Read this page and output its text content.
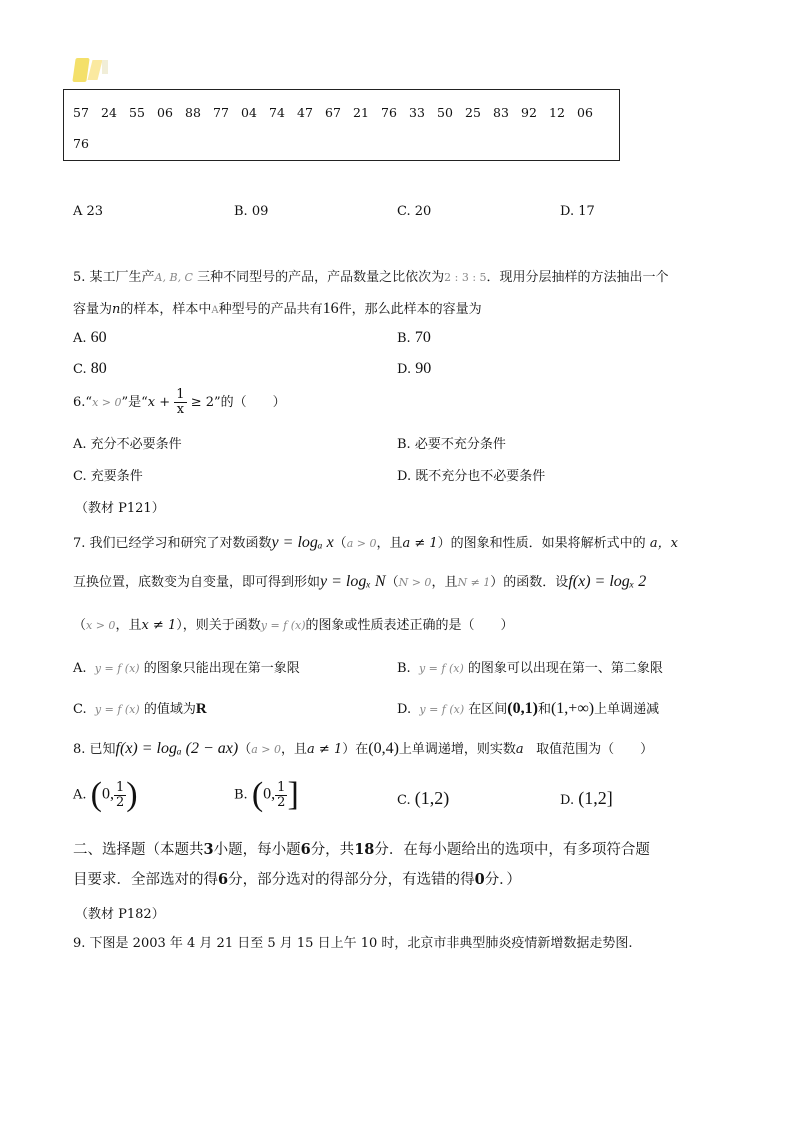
57 24 55 06 88 77 04 74 47 67 21 76 33 50 25 83 92 12 06
76
A 23	B. 09	C. 20	D. 17
5. 某工厂生产A, B, C 三种不同型号的产品，产品数量之比依次为2 : 3 : 5．现用分层抽样的方法抽出一个
容量为n的样本，样本中A种型号的产品共有16件，那么此样本的容量为
A. 60	B. 70
C. 80	D. 90
6.“x > 0”是“$x + \frac{1}{x} \ge 2$”的（　　）
A. 充分不必要条件	B. 必要不充分条件
C. 充要条件	D. 既不充分也不必要条件
（教材 P121）
7. 我们已经学习和研究了对数函数y = logₐ x（a > 0，且a ≠ 1）的图象和性质．如果将解析式中的 a，x
互换位置，底数变为自变量，即可得到形如y = logₓ N（N > 0，且N ≠ 1）的函数．设f(x) = logₓ 2
（x > 0，且x ≠ 1），则关于函数y = f (x)的图象或性质表述正确的是（　　）
A. y = f (x) 的图象只能出现在第一象限	B. y = f (x) 的图象可以出现在第一、第二象限
C. y = f (x) 的值域为R	D. y = f (x) 在区间(0,1)和(1,+∞)上单调递减
8. 已知f(x) = logₐ (2 − ax)（a > 0，且a ≠ 1）在(0,4)上单调递增，则实数a 取值范围为（　　）
A. (0, $\frac{1}{2}$ )	B. (0, $\frac{1}{2}$ ]	C. (1,2)	D. (1,2]
二、选择题（本题共3小题，每小题6分，共18分．在每小题给出的选项中，有多项符合题
目要求．全部选对的得6分，部分选对的得部分分，有选错的得0分．）
（教材 P182）
9. 下图是 2003 年 4 月 21 日至 5 月 15 日上午 10 时，北京市非典型肺炎疫情新增数据走势图.
